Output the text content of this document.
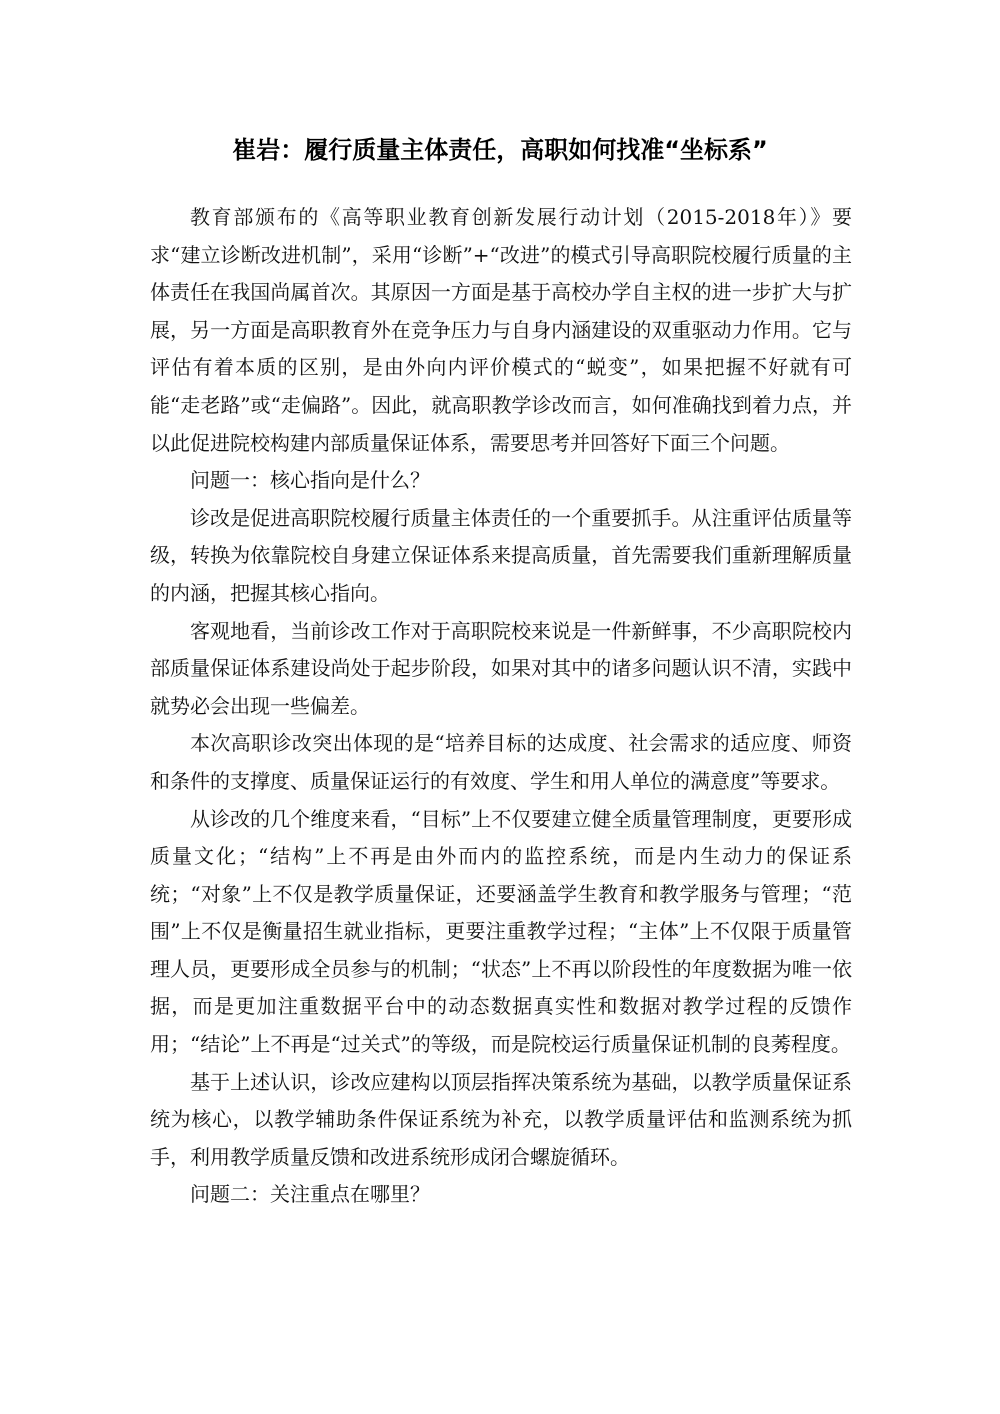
崔岩：履行质量主体责任，高职如何找准“坐标系”

教育部颁布的《高等职业教育创新发展行动计划（2015-2018年）》要求“建立诊断改进机制”，采用“诊断”+“改进”的模式引导高职院校履行质量的主体责任在我国尚属首次。其原因一方面是基于高校办学自主权的进一步扩大与扩展，另一方面是高职教育外在竞争压力与自身内涵建设的双重驱动力作用。它与评估有着本质的区别，是由外向内评价模式的“蜕变”，如果把握不好就有可能“走老路”或“走偏路”。因此，就高职教学诊改而言，如何准确找到着力点，并以此促进院校构建内部质量保证体系，需要思考并回答好下面三个问题。

问题一：核心指向是什么？

诊改是促进高职院校履行质量主体责任的一个重要抓手。从注重评估质量等级，转换为依靠院校自身建立保证体系来提高质量，首先需要我们重新理解质量的内涵，把握其核心指向。

客观地看，当前诊改工作对于高职院校来说是一件新鲜事，不少高职院校内部质量保证体系建设尚处于起步阶段，如果对其中的诸多问题认识不清，实践中就势必会出现一些偏差。

本次高职诊改突出体现的是“培养目标的达成度、社会需求的适应度、师资和条件的支撑度、质量保证运行的有效度、学生和用人单位的满意度”等要求。

从诊改的几个维度来看，“目标”上不仅要建立健全质量管理制度，更要形成质量文化；“结构”上不再是由外而内的监控系统，而是内生动力的保证系统；“对象”上不仅是教学质量保证，还要涵盖学生教育和教学服务与管理；“范围”上不仅是衡量招生就业指标，更要注重教学过程；“主体”上不仅限于质量管理人员，更要形成全员参与的机制；“状态”上不再以阶段性的年度数据为唯一依据，而是更加注重数据平台中的动态数据真实性和数据对教学过程的反馈作用；“结论”上不再是“过关式”的等级，而是院校运行质量保证机制的良莠程度。

基于上述认识，诊改应建构以顶层指挥决策系统为基础，以教学质量保证系统为核心，以教学辅助条件保证系统为补充，以教学质量评估和监测系统为抓手，利用教学质量反馈和改进系统形成闭合螺旋循环。

问题二：关注重点在哪里？
